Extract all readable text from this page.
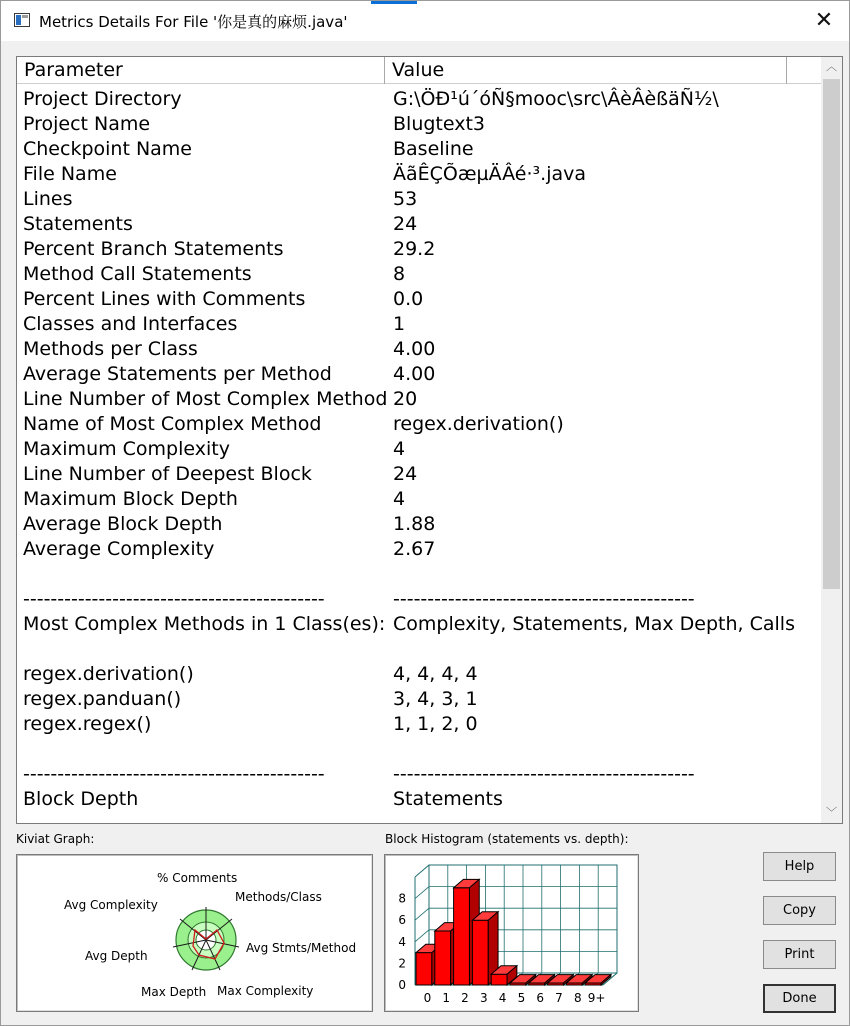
Metrics Details For File '你是真的麻烦.java'	✕
Parameter	Value
Project Directory	G:\ÖÐ¹ú´óÑ§mooc\src\ÂèÂèßäÑ½\
Project Name	Blugtext3
Checkpoint Name	Baseline
File Name	ÄãÊÇÕæµÄÂé·³.java
Lines	53
Statements	24
Percent Branch Statements	29.2
Method Call Statements	8
Percent Lines with Comments	0.0
Classes and Interfaces	1
Methods per Class	4.00
Average Statements per Method	4.00
Line Number of Most Complex Method 20
Name of Most Complex Method	regex.derivation()
Maximum Complexity	4
Line Number of Deepest Block	24
Maximum Block Depth	4
Average Block Depth	1.88
Average Complexity	2.67
--------------------------------------------	--------------------------------------------
Most Complex Methods in 1 Class(es): Complexity, Statements, Max Depth, Calls
regex.derivation()	4, 4, 4, 4
regex.panduan()	3, 4, 3, 1
regex.regex()	1, 1, 2, 0
--------------------------------------------	--------------------------------------------
Block Depth	Statements
︿
﹀
Kiviat Graph:
% Comments
Methods/Class
Avg Stmts/Method
Max Complexity
Max Depth
Avg Depth
Avg Complexity
Block Histogram (statements vs. depth):
0
2
4
6
8
0 1 2 3 4 5 6 7 8 9+
Help
Copy
Print
Done
